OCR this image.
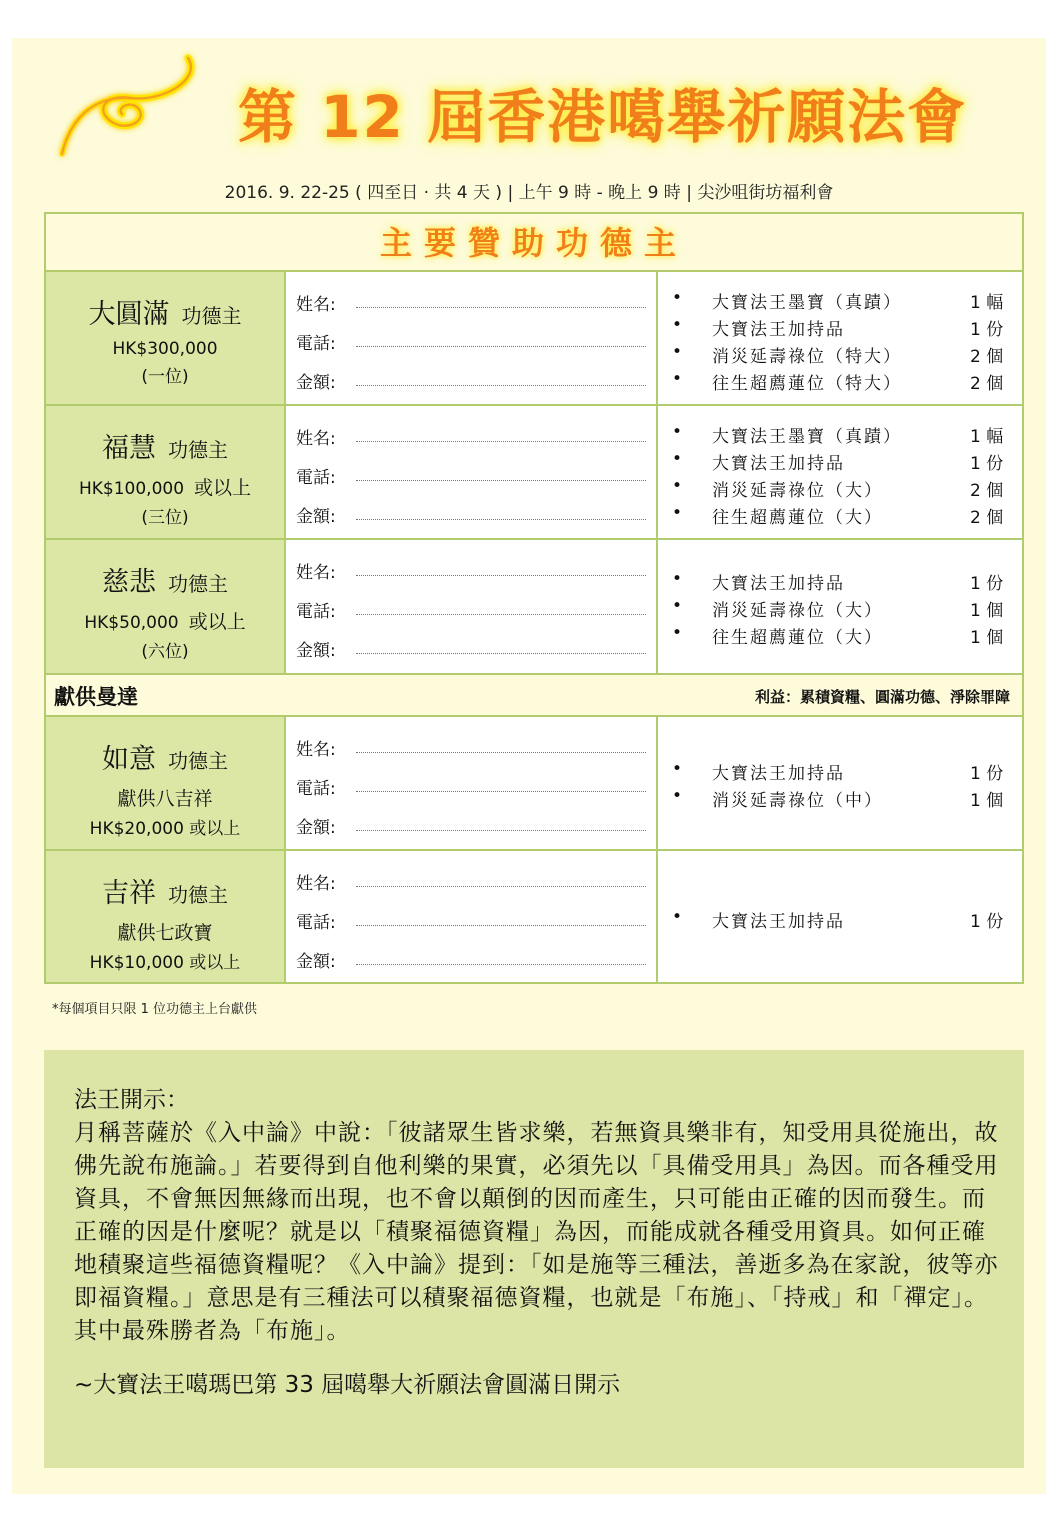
第 12 屆香港噶舉祈願法會
2016. 9. 22-25 ( 四至日 · 共 4 天 ) | 上午 9 時 - 晚上 9 時 | 尖沙咀街坊福利會
主要贊助功德主
大圓滿 功德主
HK$300,000
(一位)
姓名:
電話:
金額:
• 大寶法王墨寶（真蹟）	1 幅
• 大寶法王加持品	1 份
• 消災延壽祿位（特大）	2 個
• 往生超薦蓮位（特大）	2 個
福慧 功德主
HK$100,000 或以上
(三位)
姓名:
電話:
金額:
• 大寶法王墨寶（真蹟）	1 幅
• 大寶法王加持品	1 份
• 消災延壽祿位（大）	2 個
• 往生超薦蓮位（大）	2 個
慈悲 功德主
HK$50,000 或以上
(六位)
姓名:
電話:
金額:
• 大寶法王加持品	1 份
• 消災延壽祿位（大）	1 個
• 往生超薦蓮位（大）	1 個
獻供曼達	利益：累積資糧、圓滿功德、淨除罪障
如意 功德主
獻供八吉祥
HK$20,000 或以上
姓名:
電話:
金額:
• 大寶法王加持品	1 份
• 消災延壽祿位（中）	1 個
吉祥 功德主
獻供七政寶
HK$10,000 或以上
姓名:
電話:
金額:
• 大寶法王加持品	1 份
*每個項目只限 1 位功德主上台獻供
法王開示：
月稱菩薩於《入中論》中說：「彼諸眾生皆求樂，若無資具樂非有，知受用具從施出，故佛先說布施論。」若要得到自他利樂的果實，必須先以「具備受用具」為因。而各種受用資具，不會無因無緣而出現，也不會以顛倒的因而產生，只可能由正確的因而發生。而正確的因是什麼呢？就是以「積聚福德資糧」為因，而能成就各種受用資具。如何正確地積聚這些福德資糧呢？《入中論》提到：「如是施等三種法，善逝多為在家說，彼等亦即福資糧。」意思是有三種法可以積聚福德資糧，也就是「布施」、「持戒」和「禪定」。其中最殊勝者為「布施」。
~大寶法王噶瑪巴第 33 屆噶舉大祈願法會圓滿日開示
